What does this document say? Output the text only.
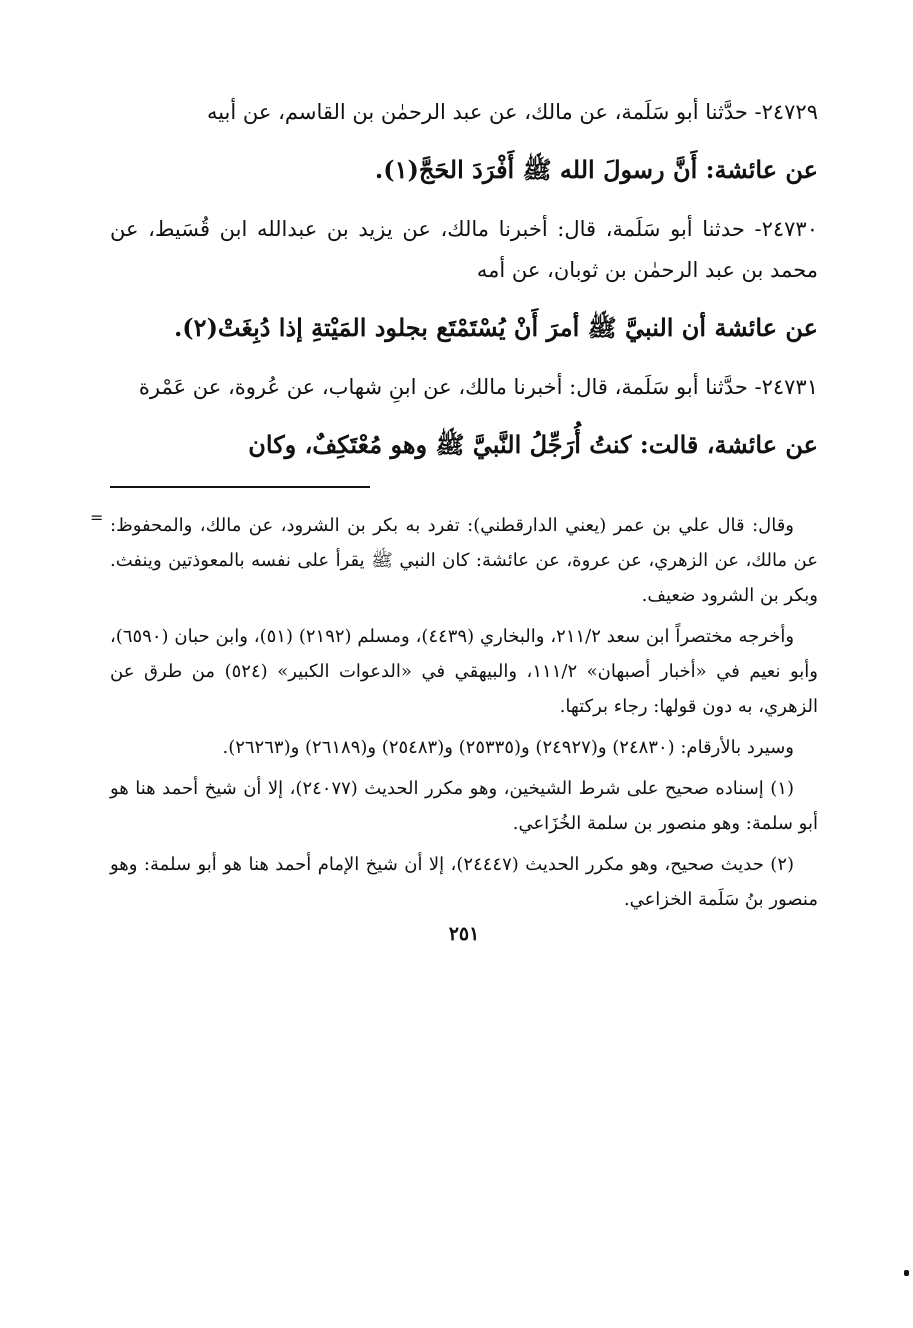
٢٤٧٢٩- حدَّثنا أبو سَلَمة، عن مالك، عن عبد الرحمٰن بن القاسم، عن أبيه

عن عائشة: أَنَّ رسولَ الله ﷺ أَفْرَدَ الحَجَّ(١).

٢٤٧٣٠- حدثنا أبو سَلَمة، قال: أخبرنا مالك، عن يزيد بن عبدالله ابن قُسَيط، عن محمد بن عبد الرحمٰن بن ثوبان، عن أمه

عن عائشة أن النبيَّ ﷺ أمرَ أَنْ يُسْتَمْتَع بجلود المَيْتةِ إذا دُبِغَتْ(٢).

٢٤٧٣١- حدَّثنا أبو سَلَمة، قال: أخبرنا مالك، عن ابنِ شهاب، عن عُروة، عن عَمْرة

عن عائشة، قالت: كنتُ أُرَجِّلُ النَّبيَّ ﷺ وهو مُعْتَكِفٌ، وكان

= وقال: قال علي بن عمر (يعني الدارقطني): تفرد به بكر بن الشرود، عن مالك، والمحفوظ: عن مالك، عن الزهري، عن عروة، عن عائشة: كان النبي ﷺ يقرأ على نفسه بالمعوذتين وينفث. وبكر بن الشرود ضعيف.

وأخرجه مختصراً ابن سعد ٢١١/٢، والبخاري (٤٤٣٩)، ومسلم (٢١٩٢) (٥١)، وابن حبان (٦٥٩٠)، وأبو نعيم في «أخبار أصبهان» ١١١/٢، والبيهقي في «الدعوات الكبير» (٥٢٤) من طرق عن الزهري، به دون قولها: رجاء بركتها.

وسيرد بالأرقام: (٢٤٨٣٠) و(٢٤٩٢٧) و(٢٥٣٣٥) و(٢٥٤٨٣) و(٢٦١٨٩) و(٢٦٢٦٣).

(١) إسناده صحيح على شرط الشيخين، وهو مكرر الحديث (٢٤٠٧٧)، إلا أن شيخ أحمد هنا هو أبو سلمة: وهو منصور بن سلمة الخُزَاعي.

(٢) حديث صحيح، وهو مكرر الحديث (٢٤٤٤٧)، إلا أن شيخ الإمام أحمد هنا هو أبو سلمة: وهو منصور بنُ سَلَمة الخزاعي.

٢٥١
